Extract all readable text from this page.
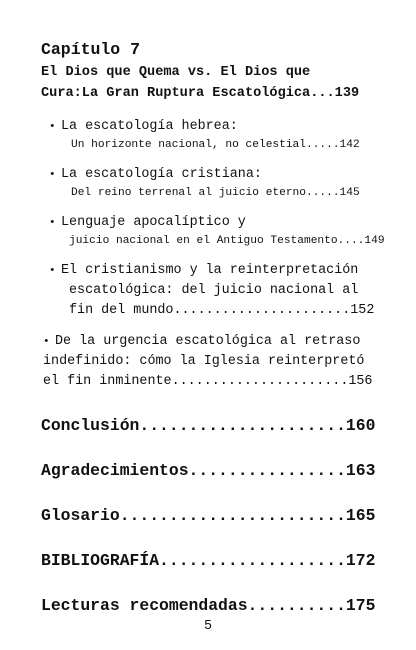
Capítulo 7
El Dios que Quema vs. El Dios que
Cura:La Gran Ruptura Escatológica...139
• La escatología hebrea:
Un horizonte nacional, no celestial.....142
• La escatología cristiana:
Del reino terrenal al juicio eterno.....145
• Lenguaje apocalíptico y
juicio nacional en el Antiguo Testamento....149
• El cristianismo y la reinterpretación
escatológica: del juicio nacional al
fin del mundo......................152
• De la urgencia escatológica al retraso
indefinido: cómo la Iglesia reinterpretó
el fin inminente......................156
Conclusión.....................160
Agradecimientos................163
Glosario.......................165
BIBLIOGRAFÍA...................172
Lecturas recomendadas..........175
5
